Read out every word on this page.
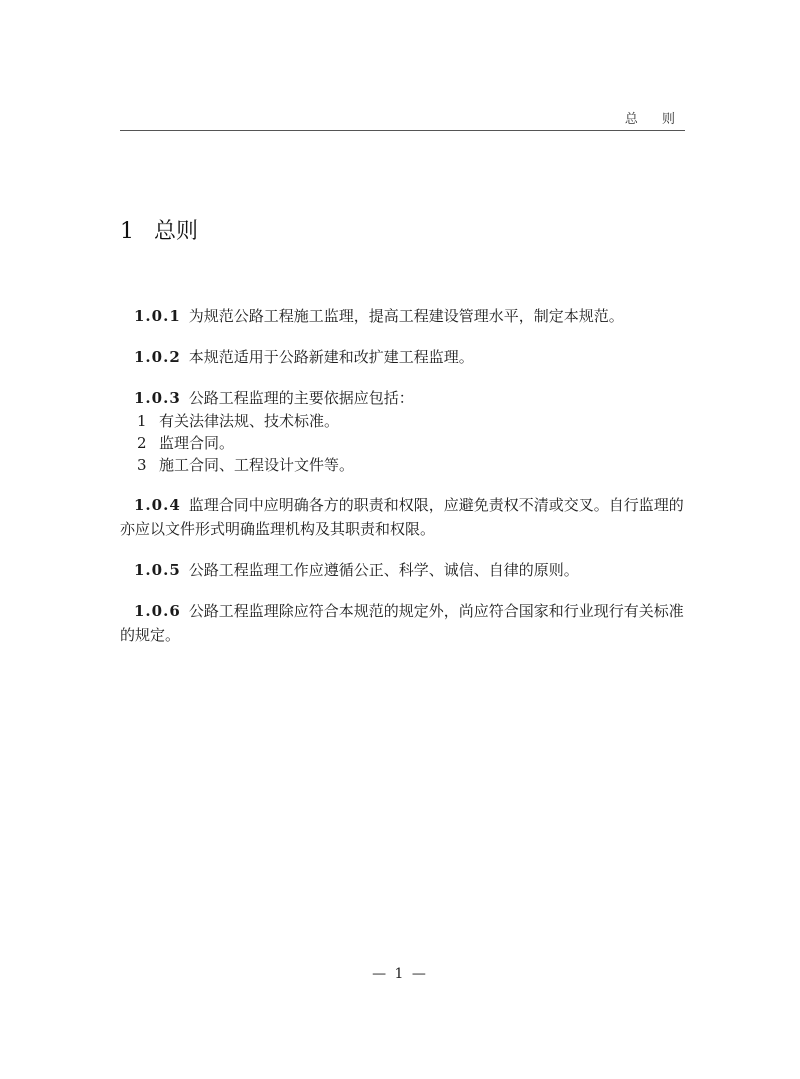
总 则
1 总则

1.0.1 为规范公路工程施工监理，提高工程建设管理水平，制定本规范。

1.0.2 本规范适用于公路新建和改扩建工程监理。

1.0.3 公路工程监理的主要依据应包括：
1 有关法律法规、技术标准。
2 监理合同。
3 施工合同、工程设计文件等。

1.0.4 监理合同中应明确各方的职责和权限，应避免责权不清或交叉。自行监理的亦应以文件形式明确监理机构及其职责和权限。

1.0.5 公路工程监理工作应遵循公正、科学、诚信、自律的原则。

1.0.6 公路工程监理除应符合本规范的规定外，尚应符合国家和行业现行有关标准的规定。

— 1 —
